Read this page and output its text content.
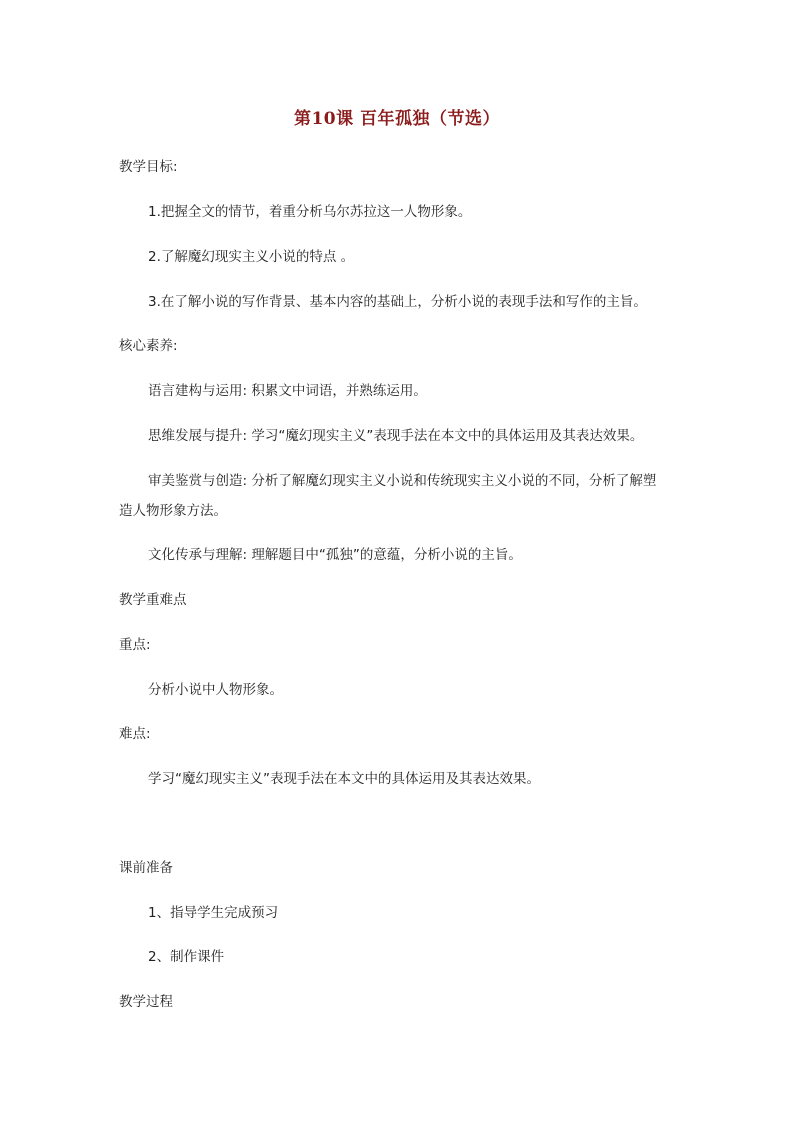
第10课 百年孤独（节选）
教学目标:
1.把握全文的情节，着重分析乌尔苏拉这一人物形象。
2.了解魔幻现实主义小说的特点 。
3.在了解小说的写作背景、基本内容的基础上，分析小说的表现手法和写作的主旨。
核心素养:
语言建构与运用: 积累文中词语，并熟练运用。
思维发展与提升: 学习“魔幻现实主义”表现手法在本文中的具体运用及其表达效果。
审美鉴赏与创造: 分析了解魔幻现实主义小说和传统现实主义小说的不同，分析了解塑
造人物形象方法。
文化传承与理解: 理解题目中“孤独”的意蕴，分析小说的主旨。
教学重难点
重点:
分析小说中人物形象。
难点:
学习“魔幻现实主义”表现手法在本文中的具体运用及其表达效果。
课前准备
1、指导学生完成预习
2、制作课件
教学过程
